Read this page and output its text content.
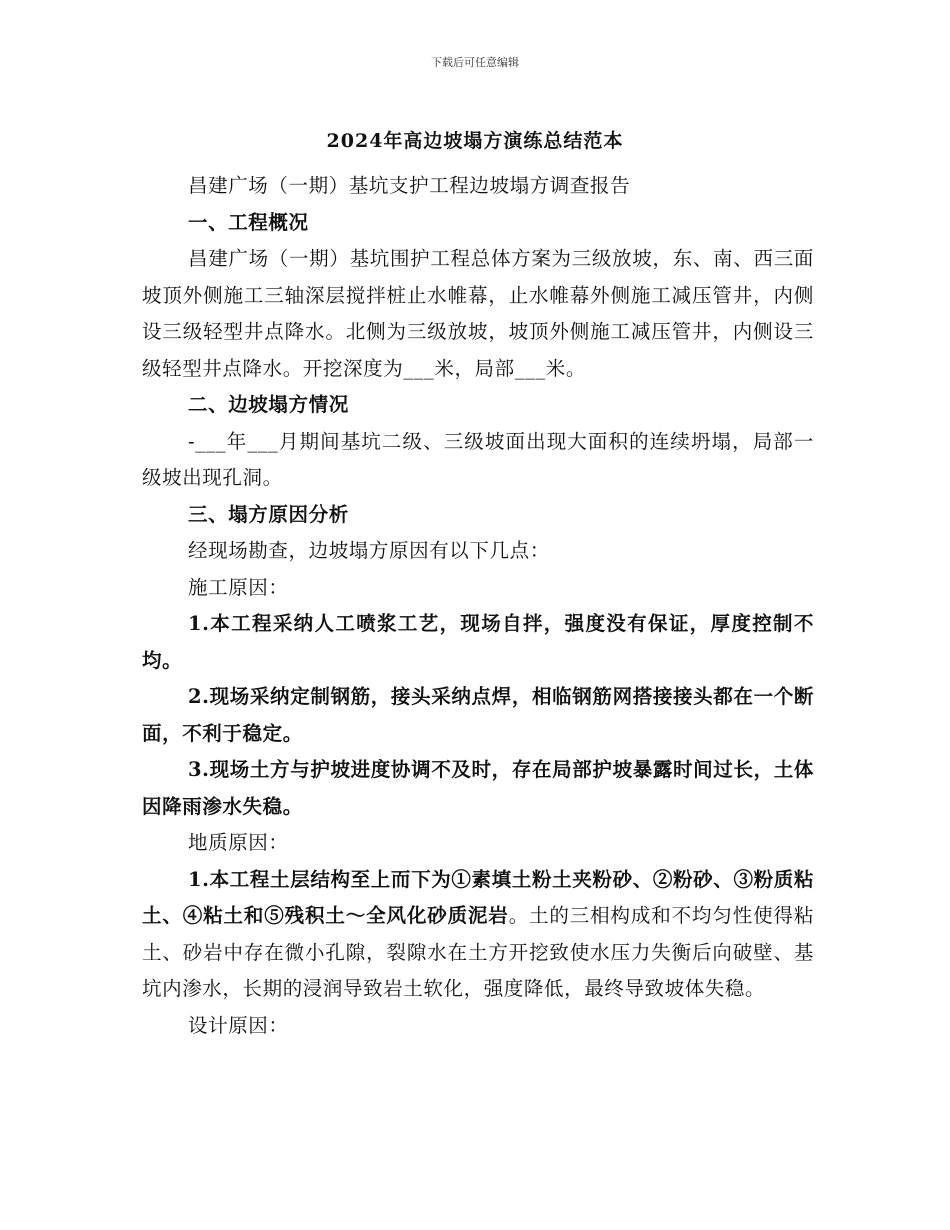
下载后可任意编辑
2024年高边坡塌方演练总结范本

昌建广场（一期）基坑支护工程边坡塌方调查报告

一、工程概况

昌建广场（一期）基坑围护工程总体方案为三级放坡，东、南、西三面坡顶外侧施工三轴深层搅拌桩止水帷幕，止水帷幕外侧施工减压管井，内侧设三级轻型井点降水。北侧为三级放坡，坡顶外侧施工减压管井，内侧设三级轻型井点降水。开挖深度为___米，局部___米。

二、边坡塌方情况

-___年___月期间基坑二级、三级坡面出现大面积的连续坍塌，局部一级坡出现孔洞。

三、塌方原因分析

经现场勘查，边坡塌方原因有以下几点：

施工原因：

1.本工程采纳人工喷浆工艺，现场自拌，强度没有保证，厚度控制不均。

2.现场采纳定制钢筋，接头采纳点焊，相临钢筋网搭接接头都在一个断面，不利于稳定。

3.现场土方与护坡进度协调不及时，存在局部护坡暴露时间过长，土体因降雨渗水失稳。

地质原因：

1.本工程土层结构至上而下为①素填土粉土夹粉砂、②粉砂、③粉质粘土、④粘土和⑤残积土～全风化砂质泥岩。土的三相构成和不均匀性使得粘土、砂岩中存在微小孔隙，裂隙水在土方开挖致使水压力失衡后向破壁、基坑内渗水，长期的浸润导致岩土软化，强度降低，最终导致坡体失稳。

设计原因：
